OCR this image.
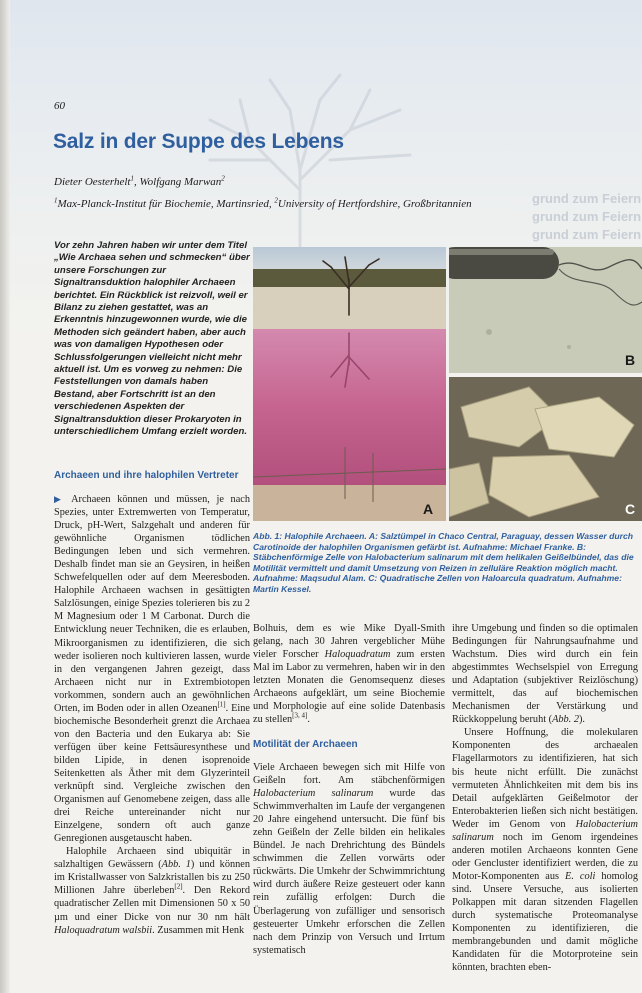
grund zum Feiern
grund zum Feiern
grund zum Feiern
60
Salz in der Suppe des Lebens
Dieter Oesterhelt$^1$, Wolfgang Marwan$^2$
$^1$Max-Planck-Institut für Biochemie, Martinsried, $^2$University of Hertfordshire, Großbritannien
Vor zehn Jahren haben wir unter dem Titel „Wie Archaea sehen und schmecken“ über unsere Forschungen zur Signaltransduktion halophiler Archaeen berichtet. Ein Rückblick ist reizvoll, weil er Bilanz zu ziehen gestattet, was an Erkenntnis hinzugewonnen wurde, wie die Methoden sich geändert haben, aber auch was von damaligen Hypothesen oder Schlussfolgerungen vielleicht nicht mehr aktuell ist. Um es vorweg zu nehmen: Die Feststellungen von damals haben Bestand, aber Fortschritt ist an den verschiedenen Aspekten der Signaltransduktion dieser Prokaryoten in unterschiedlichem Umfang erzielt worden.
Archaeen und ihre halophilen Vertreter

▶ Archaeen können und müssen, je nach Spezies, unter Extremwerten von Temperatur, Druck, pH-Wert, Salzgehalt und anderen für gewöhnliche Organismen tödlichen Bedingungen leben und sich vermehren. Deshalb findet man sie an Geysiren, in heißen Schwefelquellen oder auf dem Meeresboden. Halophile Archaeen wachsen in gesättigten Salzlösungen, einige Spezies tolerieren bis zu 2 M Magnesium oder 1 M Carbonat. Durch die Entwicklung neuer Techniken, die es erlauben, Mikroorganismen zu identifizieren, die sich weder isolieren noch kultivieren lassen, wurde in den vergangenen Jahren gezeigt, dass Archaeen nicht nur in Extrembiotopen vorkommen, sondern auch an gewöhnlichen Orten, im Boden oder in allen Ozeanen[1]. Eine biochemische Besonderheit grenzt die Archaea von den Bacteria und den Eukarya ab: Sie verfügen über keine Fettsäuresynthese und bilden Lipide, in denen isoprenoide Seitenketten als Äther mit dem Glyzerinteil verknüpft sind. Vergleiche zwischen den Organismen auf Genomebene zeigen, dass alle drei Reiche untereinander nicht nur Einzelgene, sondern oft auch ganze Genregionen ausgetauscht haben.

Halophile Archaeen sind ubiquitär in salzhaltigen Gewässern (Abb. 1) und können im Kristallwasser von Salzkristallen bis zu 250 Millionen Jahre überleben[2]. Den Rekord quadratischer Zellen mit Dimensionen 50 x 50 µm und einer Dicke von nur 30 nm hält Haloquadratum walsbii. Zusammen mit Henk

A
B
C
Abb. 1: Halophile Archaeen. A: Salztümpel in Chaco Central, Paraguay, dessen Wasser durch Carotinoide der halophilen Organismen gefärbt ist. Aufnahme: Michael Franke. B: Stäbchenförmige Zelle von Halobacterium salinarum mit dem helikalen Geißelbündel, das die Motilität vermittelt und damit Umsetzung von Reizen in zelluläre Reaktion möglich macht. Aufnahme: Maqsudul Alam. C: Quadratische Zellen von Haloarcula quadratum. Aufnahme: Martin Kessel.

Bolhuis, dem es wie Mike Dyall-Smith gelang, nach 30 Jahren vergeblicher Mühe vieler Forscher Haloquadratum zum ersten Mal im Labor zu vermehren, haben wir in den letzten Monaten die Genomsequenz dieses Archaeons aufgeklärt, um seine Biochemie und Morphologie auf eine solide Datenbasis zu stellen[3, 4].

Motilität der Archaeen

Viele Archaeen bewegen sich mit Hilfe von Geißeln fort. Am stäbchenförmigen Halobacterium salinarum wurde das Schwimmverhalten im Laufe der vergangenen 20 Jahre eingehend untersucht. Die fünf bis zehn Geißeln der Zelle bilden ein helikales Bündel. Je nach Drehrichtung des Bündels schwimmen die Zellen vorwärts oder rückwärts. Die Umkehr der Schwimmrichtung wird durch äußere Reize gesteuert oder kann rein zufällig erfolgen: Durch die Überlagerung von zufälliger und sensorisch gesteuerter Umkehr erforschen die Zellen nach dem Prinzip von Versuch und Irrtum systematisch

ihre Umgebung und finden so die optimalen Bedingungen für Nahrungsaufnahme und Wachstum. Dies wird durch ein fein abgestimmtes Wechselspiel von Erregung und Adaptation (subjektiver Reizlöschung) vermittelt, das auf biochemischen Mechanismen der Verstärkung und Rückkoppelung beruht (Abb. 2).

Unsere Hoffnung, die molekularen Komponenten des archaealen Flagellarmotors zu identifizieren, hat sich bis heute nicht erfüllt. Die zunächst vermuteten Ähnlichkeiten mit dem bis ins Detail aufgeklärten Geißelmotor der Enterobakterien ließen sich nicht bestätigen. Weder im Genom von Halobacterium salinarum noch im Genom irgendeines anderen motilen Archaeons konnten Gene oder Gencluster identifiziert werden, die zu Motor-Komponenten aus E. coli homolog sind. Unsere Versuche, aus isolierten Polkappen mit daran sitzenden Flagellen durch systematische Proteomanalyse Komponenten zu identifizieren, die membrangebunden und damit mögliche Kandidaten für die Motorproteine sein könnten, brachten eben-
